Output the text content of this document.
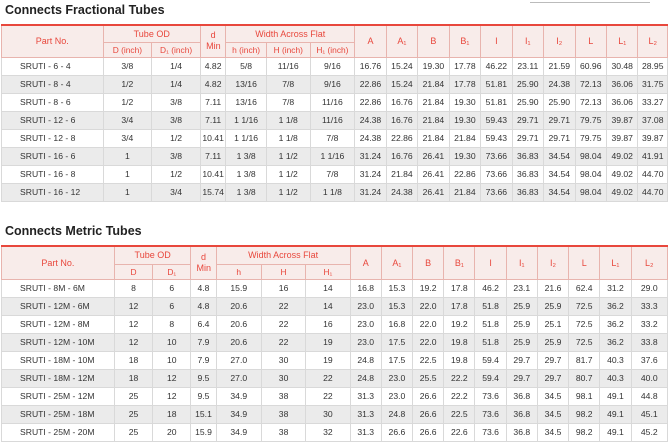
Connects Fractional Tubes
Part No.	Tube OD		d Min	Width Across Flat			A	A₁	B	B₁	I	I₁	I₂	L	L₁	L₂
	D (inch)	D₁ (inch)		h (inch)	H (inch)	H₁ (inch)										
SRUTI - 6 - 4	3/8	1/4	4.82	5/8	11/16	9/16	16.76	15.24	19.30	17.78	46.22	23.11	21.59	60.96	30.48	28.95
SRUTI - 8 - 4	1/2	1/4	4.82	13/16	7/8	9/16	22.86	15.24	21.84	17.78	51.81	25.90	24.38	72.13	36.06	31.75
SRUTI - 8 - 6	1/2	3/8	7.11	13/16	7/8	11/16	22.86	16.76	21.84	19.30	51.81	25.90	25.90	72.13	36.06	33.27
SRUTI - 12 - 6	3/4	3/8	7.11	1 1/16	1 1/8	11/16	24.38	16.76	21.84	19.30	59.43	29.71	29.71	79.75	39.87	37.08
SRUTI - 12 - 8	3/4	1/2	10.41	1 1/16	1 1/8	7/8	24.38	22.86	21.84	21.84	59.43	29.71	29.71	79.75	39.87	39.87
SRUTI - 16 - 6	1	3/8	7.11	1 3/8	1 1/2	1 1/16	31.24	16.76	26.41	19.30	73.66	36.83	34.54	98.04	49.02	41.91
SRUTI - 16 - 8	1	1/2	10.41	1 3/8	1 1/2	7/8	31.24	21.84	26.41	22.86	73.66	36.83	34.54	98.04	49.02	44.70
SRUTI - 16 - 12	1	3/4	15.74	1 3/8	1 1/2	1 1/8	31.24	24.38	26.41	21.84	73.66	36.83	34.54	98.04	49.02	44.70
Connects Metric Tubes
Part No.	Tube OD		d Min	Width Across Flat			A	A₁	B	B₁	I	I₁	I₂	L	L₁	L₂
	D	D₁		h	H	H₁										
SRUTI - 8M - 6M	8	6	4.8	15.9	16	14	16.8	15.3	19.2	17.8	46.2	23.1	21.6	62.4	31.2	29.0
SRUTI - 12M - 6M	12	6	4.8	20.6	22	14	23.0	15.3	22.0	17.8	51.8	25.9	25.9	72.5	36.2	33.3
SRUTI - 12M - 8M	12	8	6.4	20.6	22	16	23.0	16.8	22.0	19.2	51.8	25.9	25.1	72.5	36.2	33.2
SRUTI - 12M - 10M	12	10	7.9	20.6	22	19	23.0	17.5	22.0	19.8	51.8	25.9	25.9	72.5	36.2	33.8
SRUTI - 18M - 10M	18	10	7.9	27.0	30	19	24.8	17.5	22.5	19.8	59.4	29.7	29.7	81.7	40.3	37.6
SRUTI - 18M - 12M	18	12	9.5	27.0	30	22	24.8	23.0	25.5	22.2	59.4	29.7	29.7	80.7	40.3	40.0
SRUTI - 25M - 12M	25	12	9.5	34.9	38	22	31.3	23.0	26.6	22.2	73.6	36.8	34.5	98.1	49.1	44.8
SRUTI - 25M - 18M	25	18	15.1	34.9	38	30	31.3	24.8	26.6	22.5	73.6	36.8	34.5	98.2	49.1	45.1
SRUTI - 25M - 20M	25	20	15.9	34.9	38	32	31.3	26.6	26.6	22.6	73.6	36.8	34.5	98.2	49.1	45.2
